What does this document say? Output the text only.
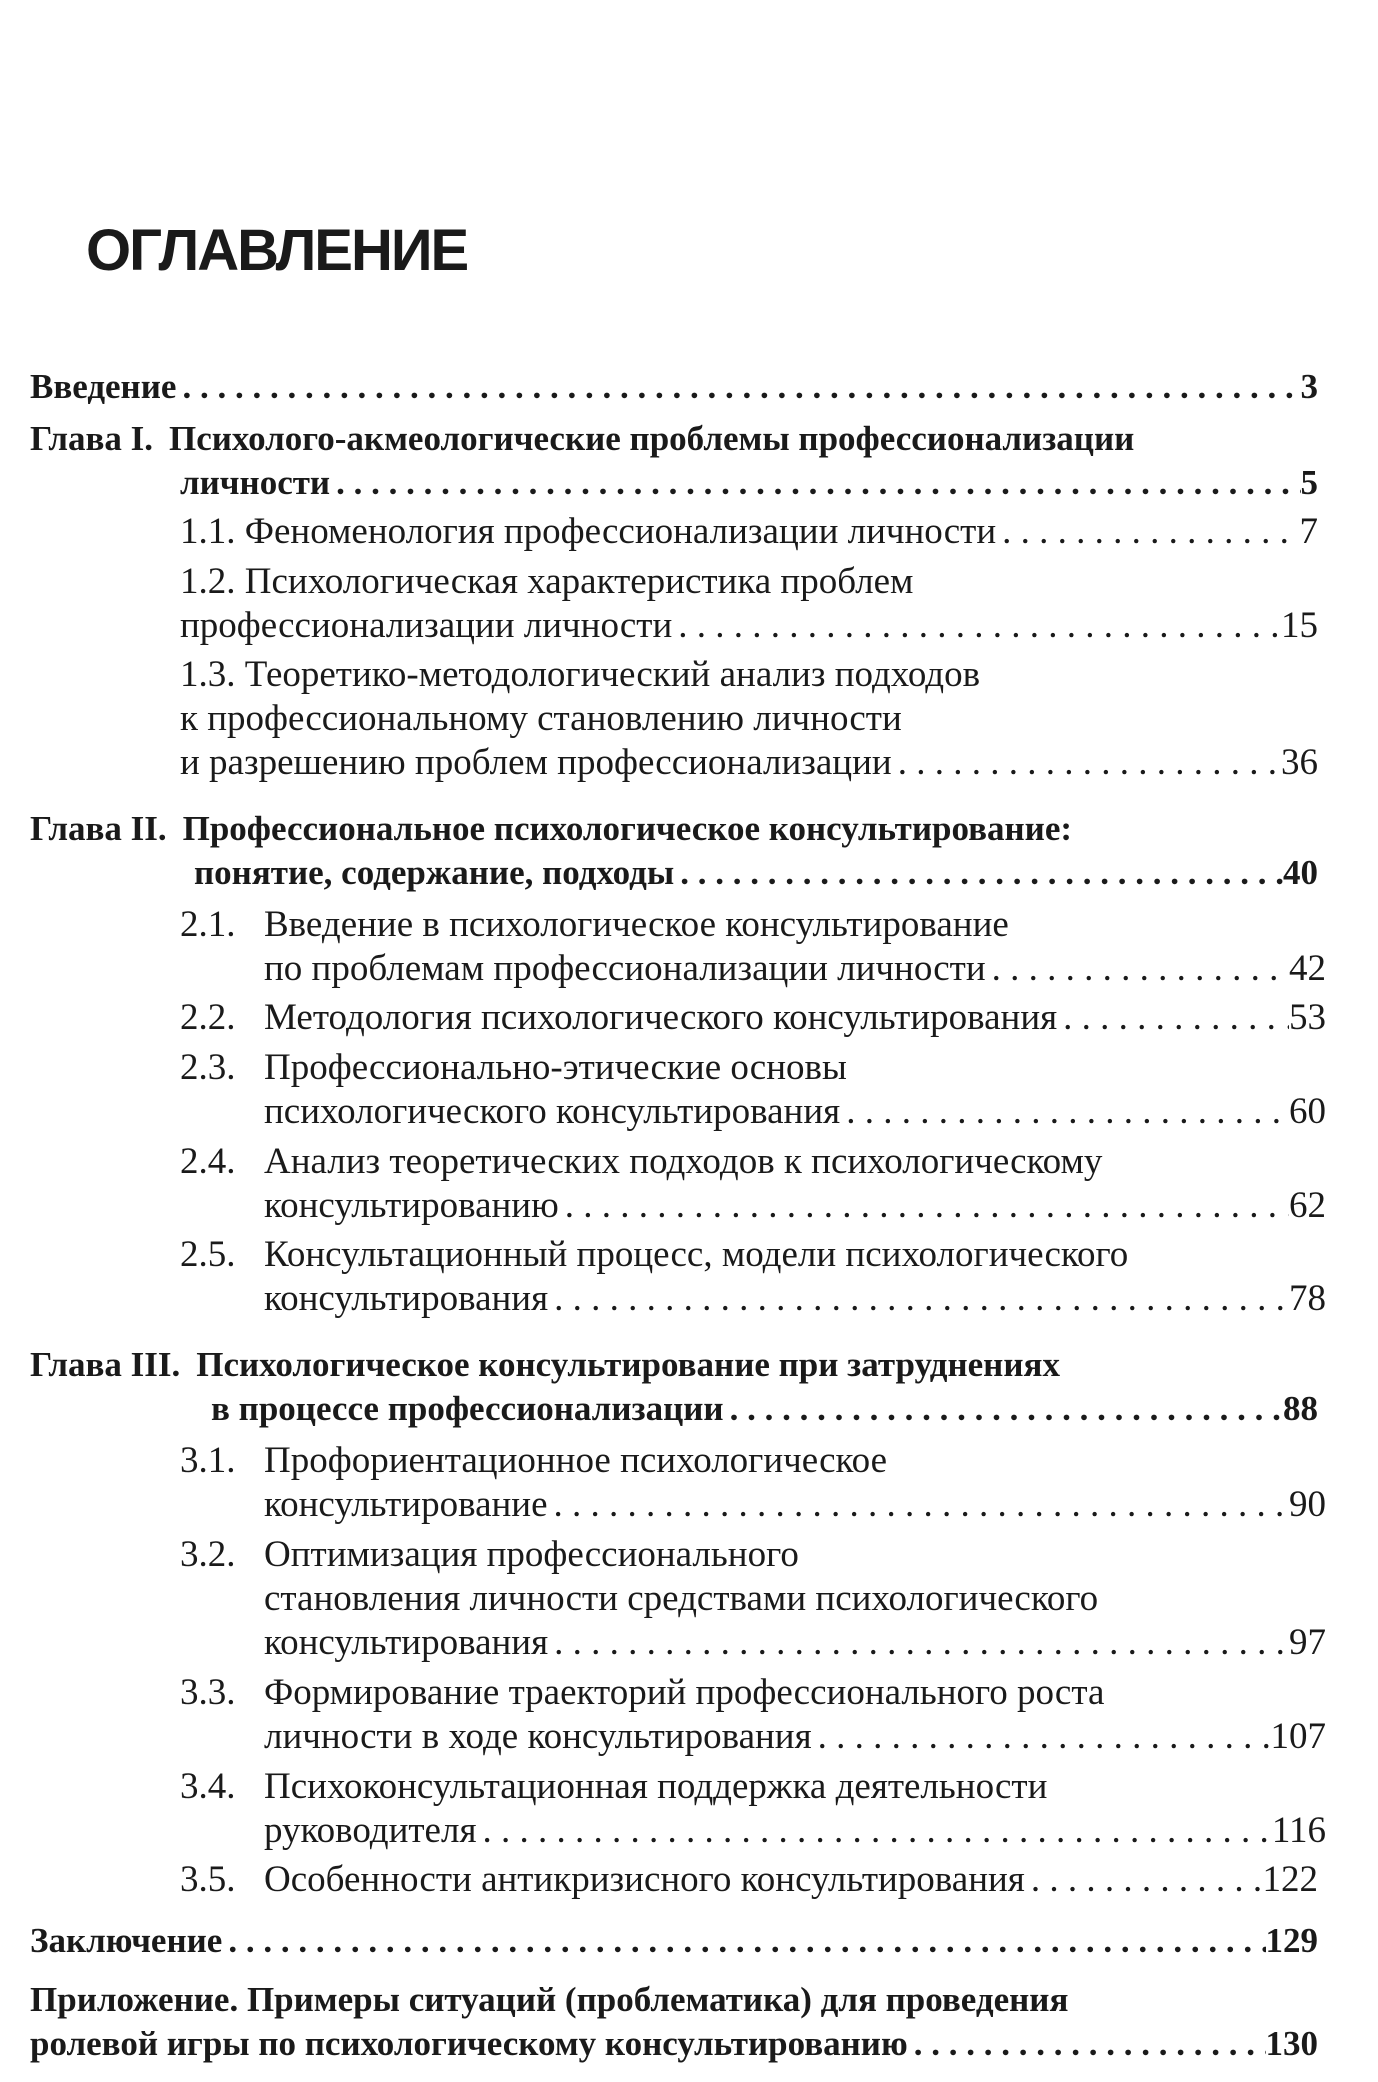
ОГЛАВЛЕНИЕ
Введение . . .	3
Глава I. Психолого-акмеологические проблемы профессионализации
личности . . .	5
1.1. Феноменология профессионализации личности . . .	7
1.2. Психологическая характеристика проблем
профессионализации личности . . .	15
1.3. Теоретико-методологический анализ подходов
к профессиональному становлению личности
и разрешению проблем профессионализации . . .	36
Глава II. Профессиональное психологическое консультирование:
понятие, содержание, подходы . . .	40
2.1. Введение в психологическое консультирование
по проблемам профессионализации личности . . .	42
2.2. Методология психологического консультирования . . .	53
2.3. Профессионально-этические основы
психологического консультирования . . .	60
2.4. Анализ теоретических подходов к психологическому
консультированию . . .	62
2.5. Консультационный процесс, модели психологического
консультирования . . .	78
Глава III. Психологическое консультирование при затруднениях
в процессе профессионализации . . .	88
3.1. Профориентационное психологическое
консультирование . . .	90
3.2. Оптимизация профессионального
становления личности средствами психологического
консультирования . . .	97
3.3. Формирование траекторий профессионального роста
личности в ходе консультирования . . .	107
3.4. Психоконсультационная поддержка деятельности
руководителя . . .	116
3.5. Особенности антикризисного консультирования . . .	122
Заключение . . .	129
Приложение. Примеры ситуаций (проблематика) для проведения
ролевой игры по психологическому консультированию . . .	130
